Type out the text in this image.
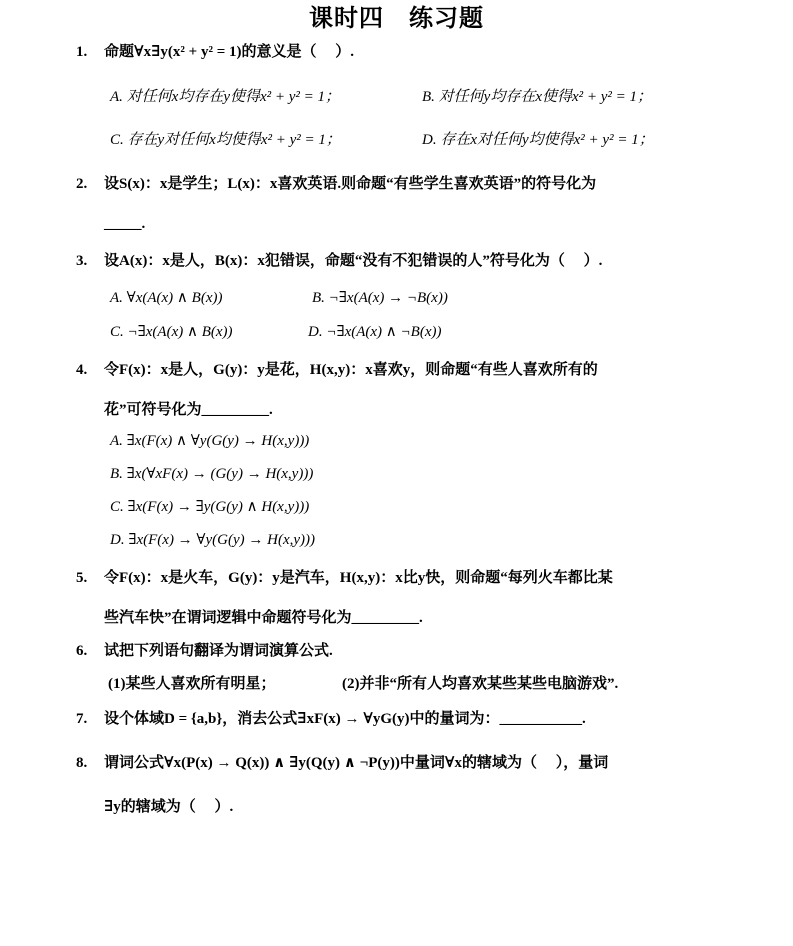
课时四　练习题
1. 命题∀x∃y(x² + y² = 1)的意义是（　 ）.
A. 对任何x均存在y使得x² + y² = 1；	B. 对任何y均存在x使得x² + y² = 1；
C. 存在y对任何x均使得x² + y² = 1；	D. 存在x对任何y均使得x² + y² = 1；
2. 设S(x)：x是学生；L(x)：x喜欢英语.则命题“有些学生喜欢英语”的符号化为
_____.
3. 设A(x)：x是人，B(x)：x犯错误，命题“没有不犯错误的人”符号化为（　 ）.
A. ∀x(A(x) ∧ B(x))	B. ¬∃x(A(x) → ¬B(x))
C. ¬∃x(A(x) ∧ B(x))	D. ¬∃x(A(x) ∧ ¬B(x))
4. 令F(x)：x是人，G(y)：y是花，H(x,y)：x喜欢y，则命题“有些人喜欢所有的
花”可符号化为_________.
A. ∃x(F(x) ∧ ∀y(G(y) → H(x,y)))
B. ∃x(∀xF(x) → (G(y) → H(x,y)))
C. ∃x(F(x) → ∃y(G(y) ∧ H(x,y)))
D. ∃x(F(x) → ∀y(G(y) → H(x,y)))
5. 令F(x)：x是火车，G(y)：y是汽车，H(x,y)：x比y快，则命题“每列火车都比某
些汽车快”在谓词逻辑中命题符号化为_________.
6. 试把下列语句翻译为谓词演算公式.
(1)某些人喜欢所有明星；	(2)并非“所有人均喜欢某些某些电脑游戏”.
7. 设个体域D = {a,b}，消去公式∃xF(x) → ∀yG(y)中的量词为：___________.
8. 谓词公式∀x(P(x) → Q(x)) ∧ ∃y(Q(y) ∧ ¬P(y))中量词∀x的辖域为（　 ），量词
∃y的辖域为（　 ）.
